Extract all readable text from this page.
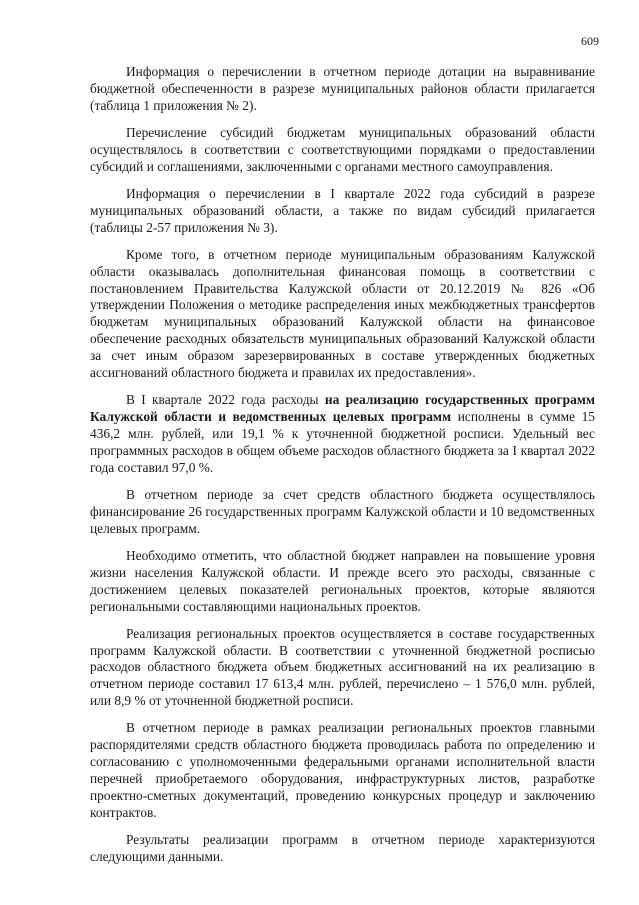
609

Информация о перечислении в отчетном периоде дотации на выравнивание бюджетной обеспеченности в разрезе муниципальных районов области прилагается (таблица 1 приложения № 2).

Перечисление субсидий бюджетам муниципальных образований области осуществлялось в соответствии с соответствующими порядками о предоставлении субсидий и соглашениями, заключенными с органами местного самоуправления.

Информация о перечислении в I квартале 2022 года субсидий в разрезе муниципальных образований области, а также по видам субсидий прилагается (таблицы 2-57 приложения № 3).

Кроме того, в отчетном периоде муниципальным образованиям Калужской области оказывалась дополнительная финансовая помощь в соответствии с постановлением Правительства Калужской области от 20.12.2019 № 826 «Об утверждении Положения о методике распределения иных межбюджетных трансфертов бюджетам муниципальных образований Калужской области на финансовое обеспечение расходных обязательств муниципальных образований Калужской области за счет иным образом зарезервированных в составе утвержденных бюджетных ассигнований областного бюджета и правилах их предоставления».

В I квартале 2022 года расходы на реализацию государственных программ Калужской области и ведомственных целевых программ исполнены в сумме 15 436,2 млн. рублей, или 19,1 % к уточненной бюджетной росписи. Удельный вес программных расходов в общем объеме расходов областного бюджета за I квартал 2022 года составил 97,0 %.

В отчетном периоде за счет средств областного бюджета осуществлялось финансирование 26 государственных программ Калужской области и 10 ведомственных целевых программ.

Необходимо отметить, что областной бюджет направлен на повышение уровня жизни населения Калужской области. И прежде всего это расходы, связанные с достижением целевых показателей региональных проектов, которые являются региональными составляющими национальных проектов.

Реализация региональных проектов осуществляется в составе государственных программ Калужской области. В соответствии с уточненной бюджетной росписью расходов областного бюджета объем бюджетных ассигнований на их реализацию в отчетном периоде составил 17 613,4 млн. рублей, перечислено – 1 576,0 млн. рублей, или 8,9 % от уточненной бюджетной росписи.

В отчетном периоде в рамках реализации региональных проектов главными распорядителями средств областного бюджета проводилась работа по определению и согласованию с уполномоченными федеральными органами исполнительной власти перечней приобретаемого оборудования, инфраструктурных листов, разработке проектно-сметных документаций, проведению конкурсных процедур и заключению контрактов.

Результаты реализации программ в отчетном периоде характеризуются следующими данными.
